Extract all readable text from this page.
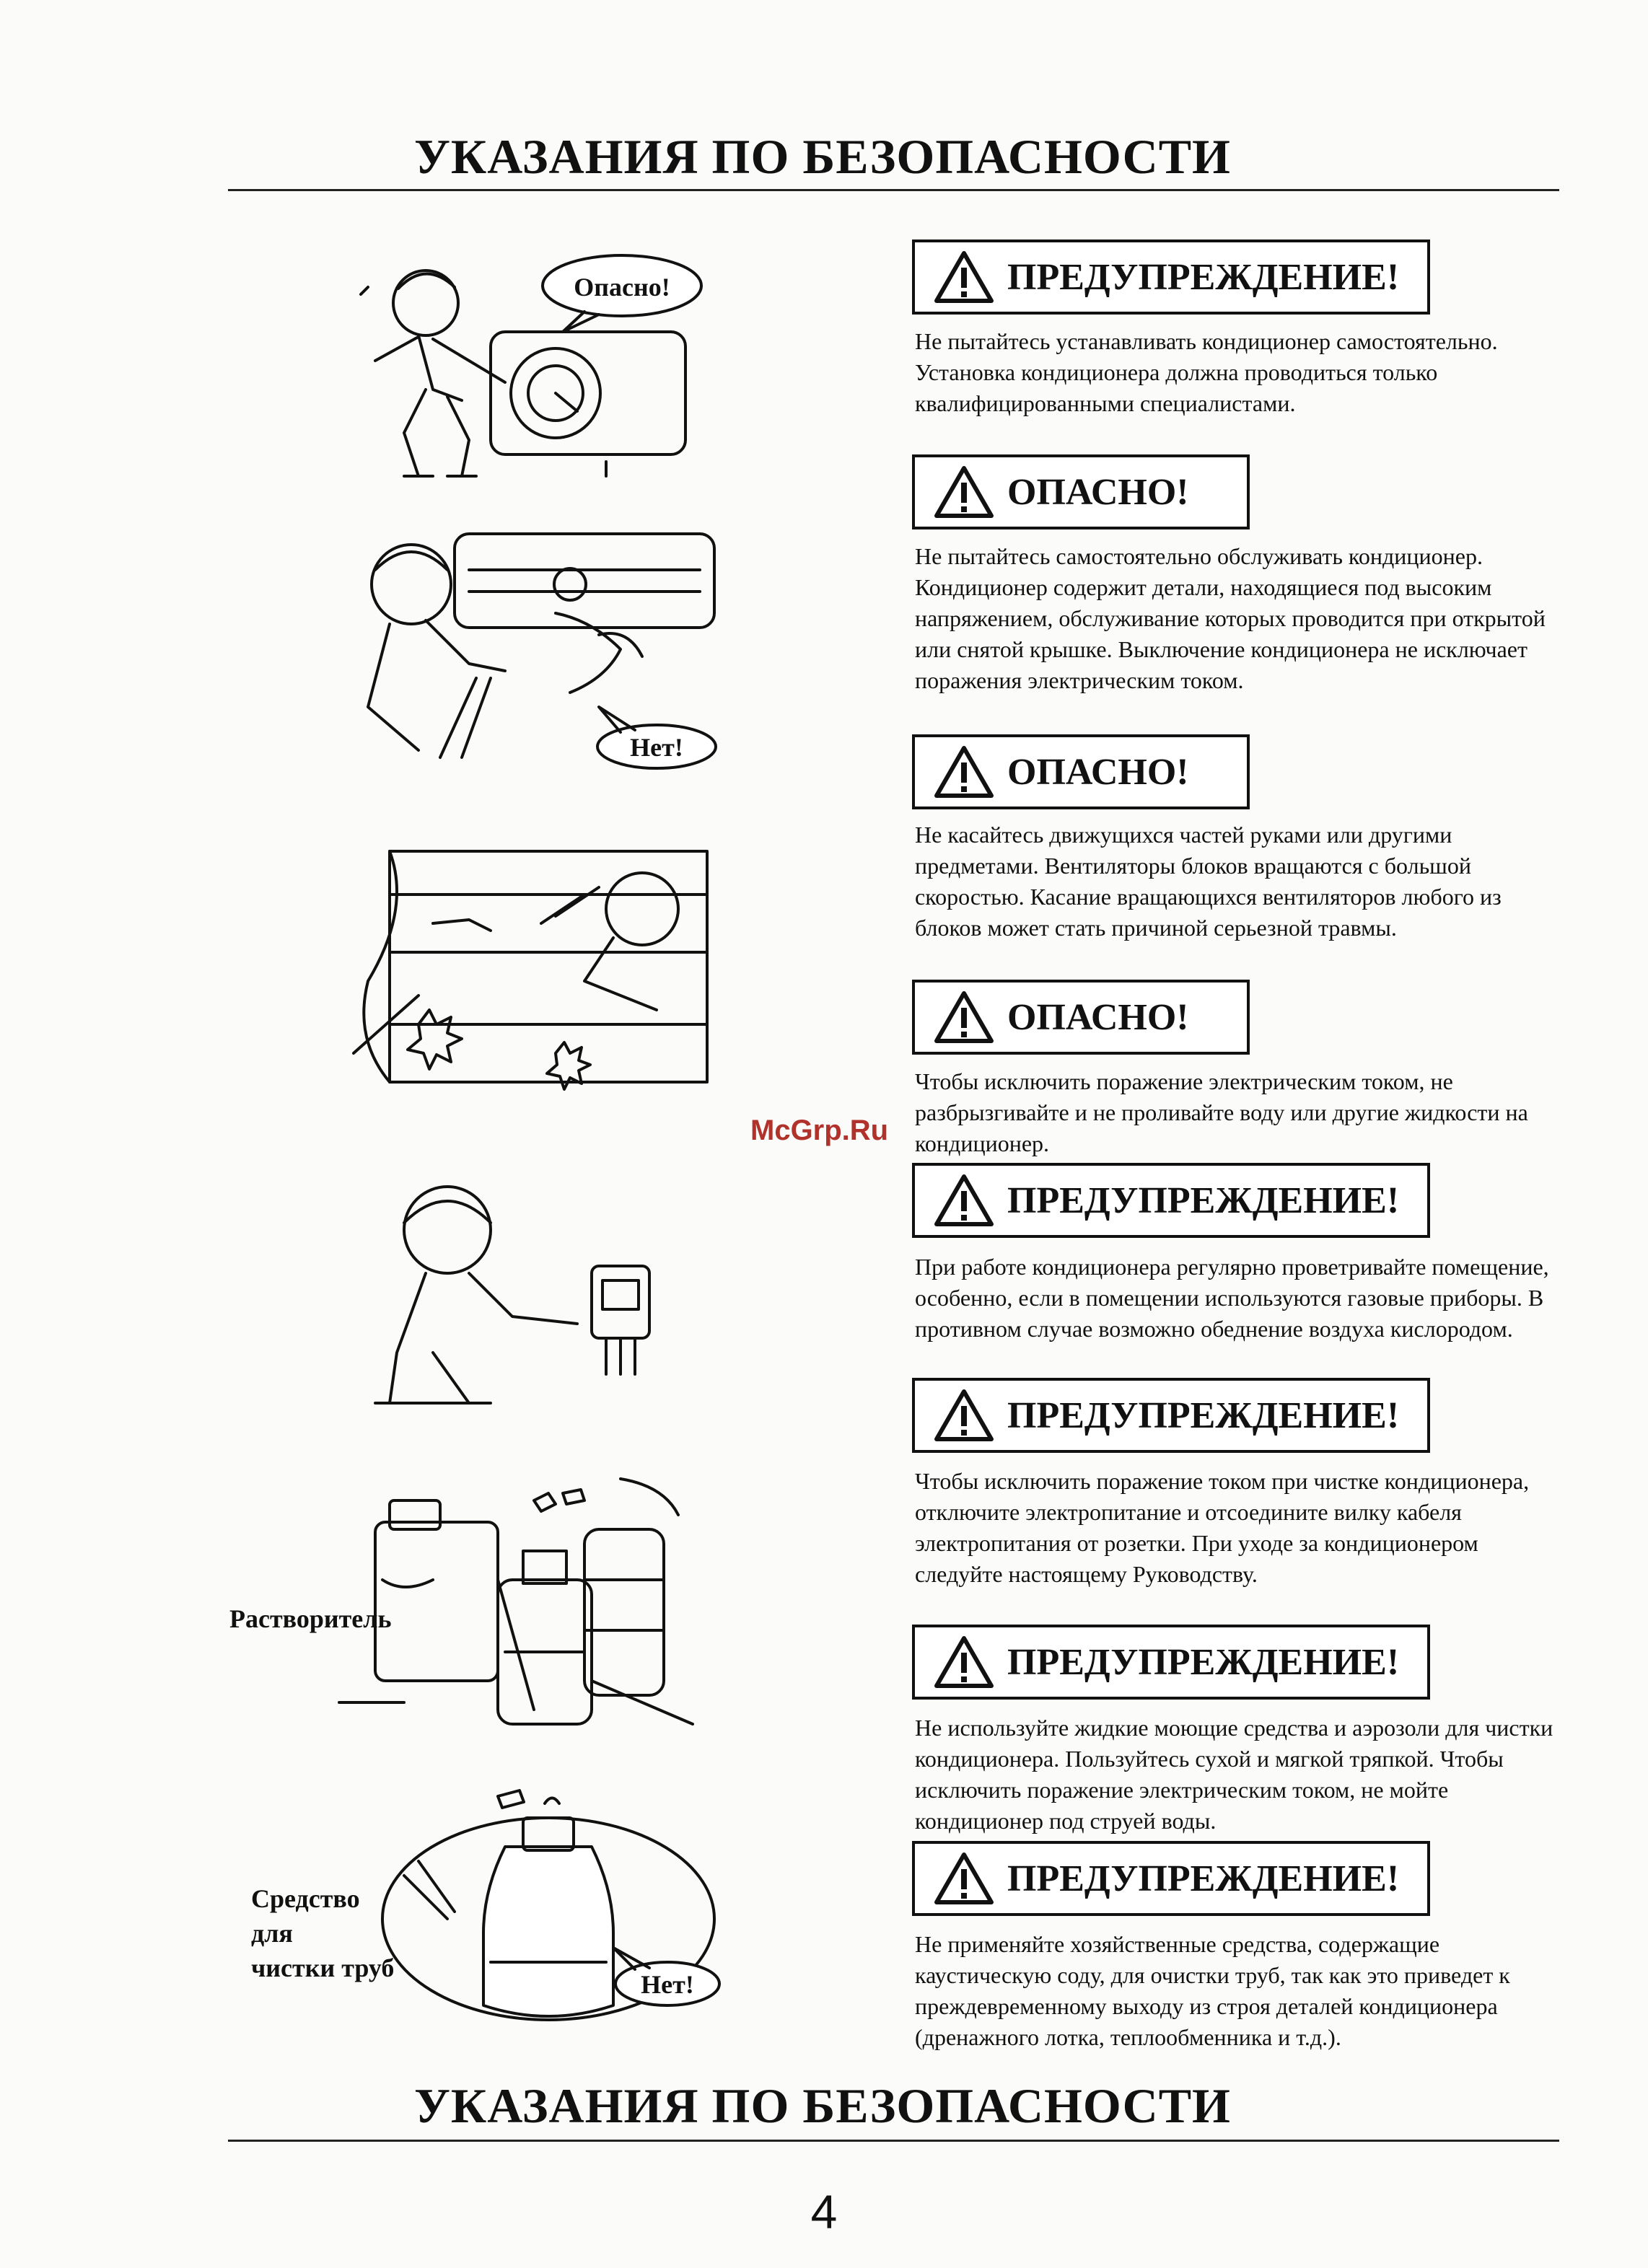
УКАЗАНИЯ ПО БЕЗОПАСНОСТИ
УКАЗАНИЯ ПО БЕЗОПАСНОСТИ
4
McGrp.Ru
ПРЕДУПРЕЖДЕНИЕ!
Не пытайтесь устанавливать кондиционер самостоятельно. Установка кондиционера должна проводиться только квалифицированными специалистами.
ОПАСНО!
Не пытайтесь самостоятельно обслуживать кондиционер. Кондиционер содержит детали, находящиеся под высоким напряжением, обслуживание которых проводится при открытой или снятой крышке. Выключение кондиционера не исключает поражения электрическим током.
ОПАСНО!
Не касайтесь движущихся частей руками или другими предметами. Вентиляторы блоков вращаются с большой скоростью. Касание вращающихся вентиляторов любого из блоков может стать причиной серьезной травмы.
ОПАСНО!
Чтобы исключить поражение электрическим током, не разбрызгивайте и не проливайте воду или другие жидкости на кондиционер.
ПРЕДУПРЕЖДЕНИЕ!
При работе кондиционера регулярно проветривайте помещение, особенно, если в помещении используются газовые приборы. В противном случае возможно обеднение воздуха кислородом.
ПРЕДУПРЕЖДЕНИЕ!
Чтобы исключить поражение током при чистке кондиционера, отключите электропитание и отсоедините вилку кабеля электропитания от розетки. При уходе за кондиционером следуйте настоящему Руководству.
ПРЕДУПРЕЖДЕНИЕ!
Не используйте жидкие моющие средства и аэрозоли для чистки кондиционера. Пользуйтесь сухой и мягкой тряпкой. Чтобы исключить поражение электрическим током, не мойте кондиционер под струей воды.
ПРЕДУПРЕЖДЕНИЕ!
Не применяйте хозяйственные средства, содержащие каустическую соду, для очистки труб, так как это приведет к преждевременному выходу из строя деталей кондиционера (дренажного лотка, теплообменника и т.д.).
Опасно!
Нет!
Растворитель
Нет!
Средство
для
чистки труб
